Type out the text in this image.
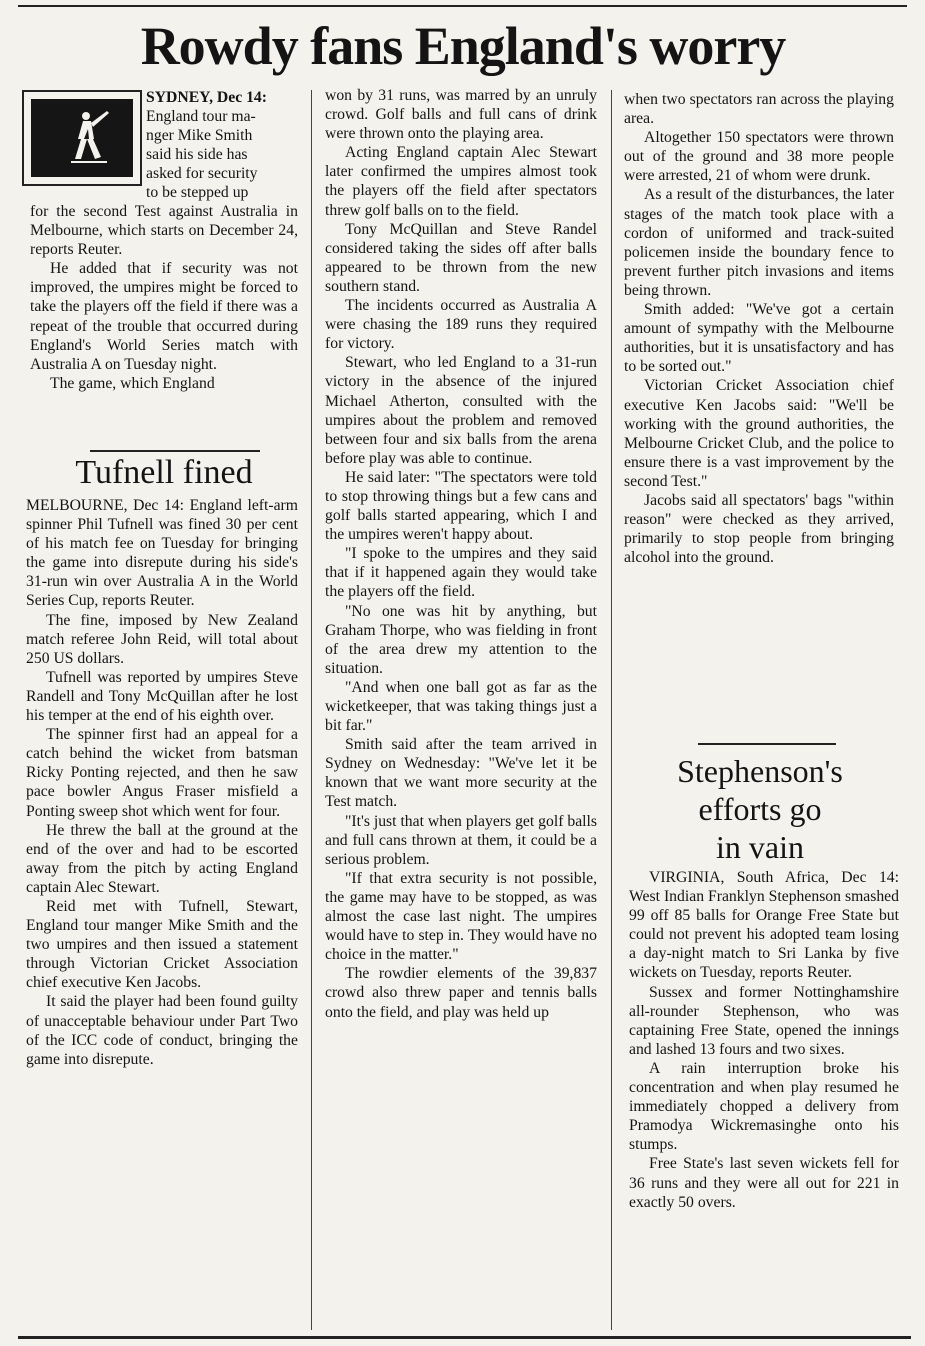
Rowdy fans England's worry

SYDNEY, Dec 14:

England tour ma-

nger Mike Smith

said his side has

asked for security

to be stepped up

for the second Test against Australia in Melbourne, which starts on December 24, reports Reuter.

He added that if security was not improved, the umpires might be forced to take the players off the field if there was a repeat of the trouble that occurred during England's World Series match with Australia A on Tuesday night.

The game, which England

Tufnell fined

MELBOURNE, Dec 14: England left-arm spinner Phil Tufnell was fined 30 per cent of his match fee on Tuesday for bringing the game into disrepute during his side's 31-run win over Australia A in the World Series Cup, reports Reuter.

The fine, imposed by New Zealand match referee John Reid, will total about 250 US dollars.

Tufnell was reported by umpires Steve Randell and Tony McQuillan after he lost his temper at the end of his eighth over.

The spinner first had an appeal for a catch behind the wicket from batsman Ricky Ponting rejected, and then he saw pace bowler Angus Fraser misfield a Ponting sweep shot which went for four.

He threw the ball at the ground at the end of the over and had to be escorted away from the pitch by acting England captain Alec Stewart.

Reid met with Tufnell, Stewart, England tour manger Mike Smith and the two umpires and then issued a statement through Victorian Cricket Association chief executive Ken Jacobs.

It said the player had been found guilty of unacceptable behaviour under Part Two of the ICC code of conduct, bringing the game into disrepute.

won by 31 runs, was marred by an unruly crowd. Golf balls and full cans of drink were thrown onto the playing area.

Acting England captain Alec Stewart later confirmed the umpires almost took the players off the field after spectators threw golf balls on to the field.

Tony McQuillan and Steve Randel considered taking the sides off after balls appeared to be thrown from the new southern stand.

The incidents occurred as Australia A were chasing the 189 runs they required for victory.

Stewart, who led England to a 31-run victory in the absence of the injured Michael Atherton, consulted with the umpires about the problem and removed between four and six balls from the arena before play was able to continue.

He said later: "The spectators were told to stop throwing things but a few cans and golf balls started appearing, which I and the umpires weren't happy about.

"I spoke to the umpires and they said that if it happened again they would take the players off the field.

"No one was hit by anything, but Graham Thorpe, who was fielding in front of the area drew my attention to the situation.

"And when one ball got as far as the wicketkeeper, that was taking things just a bit far."

Smith said after the team arrived in Sydney on Wednesday: "We've let it be known that we want more security at the Test match.

"It's just that when players get golf balls and full cans thrown at them, it could be a serious problem.

"If that extra security is not possible, the game may have to be stopped, as was almost the case last night. The umpires would have to step in. They would have no choice in the matter."

The rowdier elements of the 39,837 crowd also threw paper and tennis balls onto the field, and play was held up

when two spectators ran across the playing area.

Altogether 150 spectators were thrown out of the ground and 38 more people were arrested, 21 of whom were drunk.

As a result of the disturbances, the later stages of the match took place with a cordon of uniformed and track-suited policemen inside the boundary fence to prevent further pitch invasions and items being thrown.

Smith added: "We've got a certain amount of sympathy with the Melbourne authorities, but it is unsatisfactory and has to be sorted out."

Victorian Cricket Association chief executive Ken Jacobs said: "We'll be working with the ground authorities, the Melbourne Cricket Club, and the police to ensure there is a vast improvement by the second Test."

Jacobs said all spectators' bags "within reason" were checked as they arrived, primarily to stop people from bringing alcohol into the ground.

Stephenson's
efforts go
in vain

VIRGINIA, South Africa, Dec 14: West Indian Franklyn Stephenson smashed 99 off 85 balls for Orange Free State but could not prevent his adopted team losing a day-night match to Sri Lanka by five wickets on Tuesday, reports Reuter.

Sussex and former Nottinghamshire all-rounder Stephenson, who was captaining Free State, opened the innings and lashed 13 fours and two sixes.

A rain interruption broke his concentration and when play resumed he immediately chopped a delivery from Pramodya Wickremasinghe onto his stumps.

Free State's last seven wickets fell for 36 runs and they were all out for 221 in exactly 50 overs.
